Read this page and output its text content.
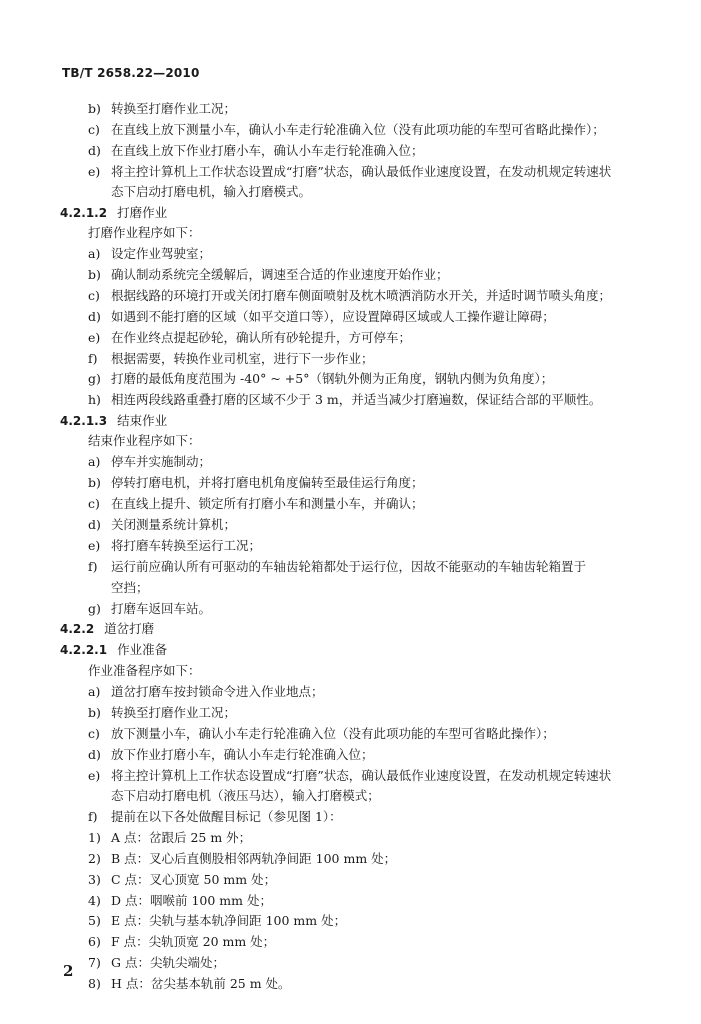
TB/T 2658.22—2010
b) 转换至打磨作业工况；
c) 在直线上放下测量小车，确认小车走行轮准确入位（没有此项功能的车型可省略此操作）；
d) 在直线上放下作业打磨小车，确认小车走行轮准确入位；
e) 将主控计算机上工作状态设置成“打磨”状态，确认最低作业速度设置，在发动机规定转速状
态下启动打磨电机，输入打磨模式。
4.2.1.2 打磨作业
打磨作业程序如下：
a) 设定作业驾驶室；
b) 确认制动系统完全缓解后，调速至合适的作业速度开始作业；
c) 根据线路的环境打开或关闭打磨车侧面喷射及枕木喷洒消防水开关，并适时调节喷头角度；
d) 如遇到不能打磨的区域（如平交道口等），应设置障碍区域或人工操作避让障碍；
e) 在作业终点提起砂轮，确认所有砂轮提升，方可停车；
f) 根据需要，转换作业司机室，进行下一步作业；
g) 打磨的最低角度范围为 -40° ~ +5°（钢轨外侧为正角度，钢轨内侧为负角度）；
h) 相连两段线路重叠打磨的区域不少于 3 m，并适当减少打磨遍数，保证结合部的平顺性。
4.2.1.3 结束作业
结束作业程序如下：
a) 停车并实施制动；
b) 停转打磨电机，并将打磨电机角度偏转至最佳运行角度；
c) 在直线上提升、锁定所有打磨小车和测量小车，并确认；
d) 关闭测量系统计算机；
e) 将打磨车转换至运行工况；
f) 运行前应确认所有可驱动的车轴齿轮箱都处于运行位，因故不能驱动的车轴齿轮箱置于
空挡；
g) 打磨车返回车站。
4.2.2 道岔打磨
4.2.2.1 作业准备
作业准备程序如下：
a) 道岔打磨车按封锁命令进入作业地点；
b) 转换至打磨作业工况；
c) 放下测量小车，确认小车走行轮准确入位（没有此项功能的车型可省略此操作）；
d) 放下作业打磨小车，确认小车走行轮准确入位；
e) 将主控计算机上工作状态设置成“打磨”状态，确认最低作业速度设置，在发动机规定转速状
态下启动打磨电机（液压马达），输入打磨模式；
f) 提前在以下各处做醒目标记（参见图 1）：
1) A 点：岔跟后 25 m 外；
2) B 点：叉心后直侧股相邻两轨净间距 100 mm 处；
3) C 点：叉心顶宽 50 mm 处；
4) D 点：咽喉前 100 mm 处；
5) E 点：尖轨与基本轨净间距 100 mm 处；
6) F 点：尖轨顶宽 20 mm 处；
7) G 点：尖轨尖端处；
8) H 点：岔尖基本轨前 25 m 处。
2
